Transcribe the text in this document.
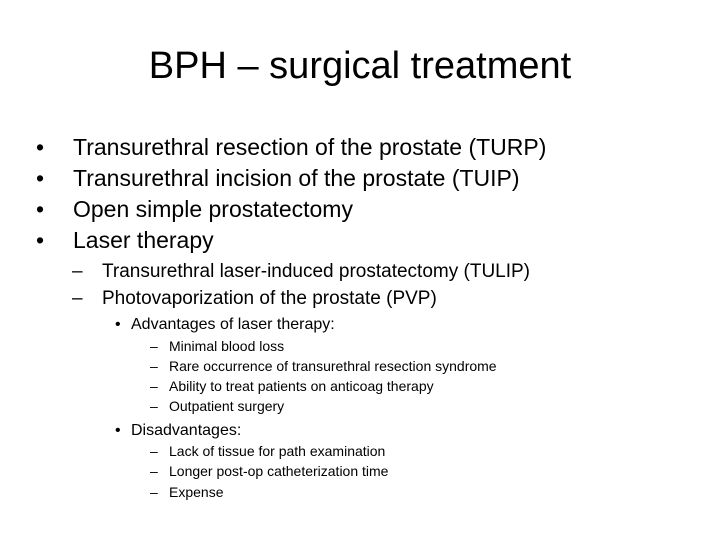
BPH – surgical treatment
• Transurethral resection of the prostate (TURP)
• Transurethral incision of the prostate (TUIP)
• Open simple prostatectomy
• Laser therapy
– Transurethral laser-induced prostatectomy (TULIP)
– Photovaporization of the prostate (PVP)
• Advantages of laser therapy:
– Minimal blood loss
– Rare occurrence of transurethral resection syndrome
– Ability to treat patients on anticoag therapy
– Outpatient surgery
• Disadvantages:
– Lack of tissue for path examination
– Longer post-op catheterization time
– Expense
